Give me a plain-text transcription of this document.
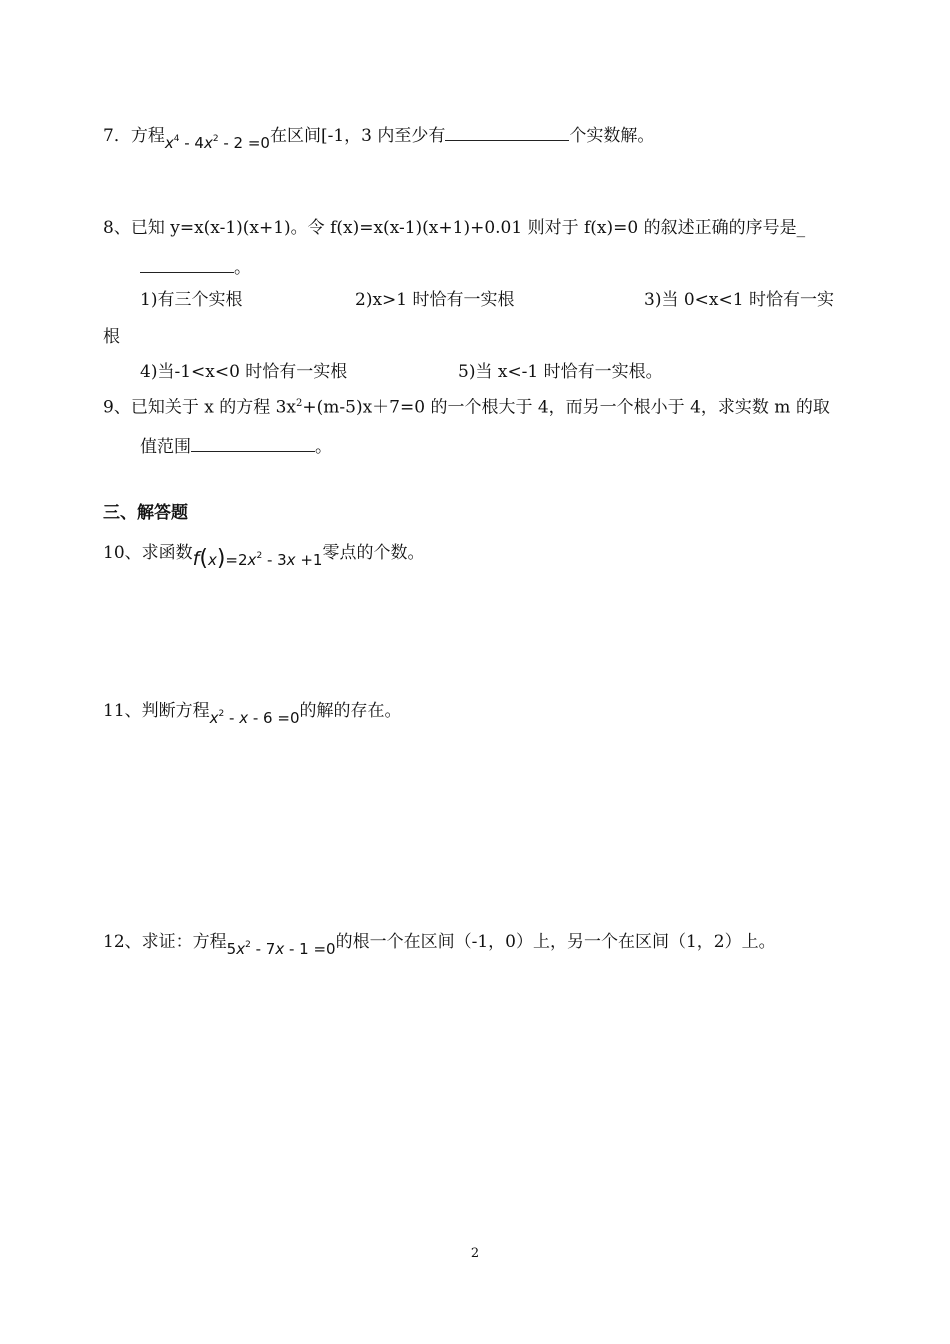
7．方程$x^4 - 4x^2 - 2 =0$在区间[-1，3 内至少有	个实数解。
8、已知 y=x(x-1)(x+1)。令 f(x)=x(x-1)(x+1)+0.01 则对于 f(x)=0 的叙述正确的序号是_
。
1)有三个实根	2)x>1 时恰有一实根	3)当 0<x<1 时恰有一实
根
4)当-1<x<0 时恰有一实根	5)当 x<-1 时恰有一实根。
9、已知关于 x 的方程 $3x^2+(m-5)x+7=0$ 的一个根大于 4，而另一个根小于 4，求实数 m 的取
值范围	。
三、解答题
10、求函数$f(x)=2x^2 - 3x +1$零点的个数。
11、判断方程$x^2 - x - 6 =0$的解的存在。
12、求证：方程$5x^2 - 7x - 1 =0$的根一个在区间（-1，0）上，另一个在区间（1，2）上。
2
